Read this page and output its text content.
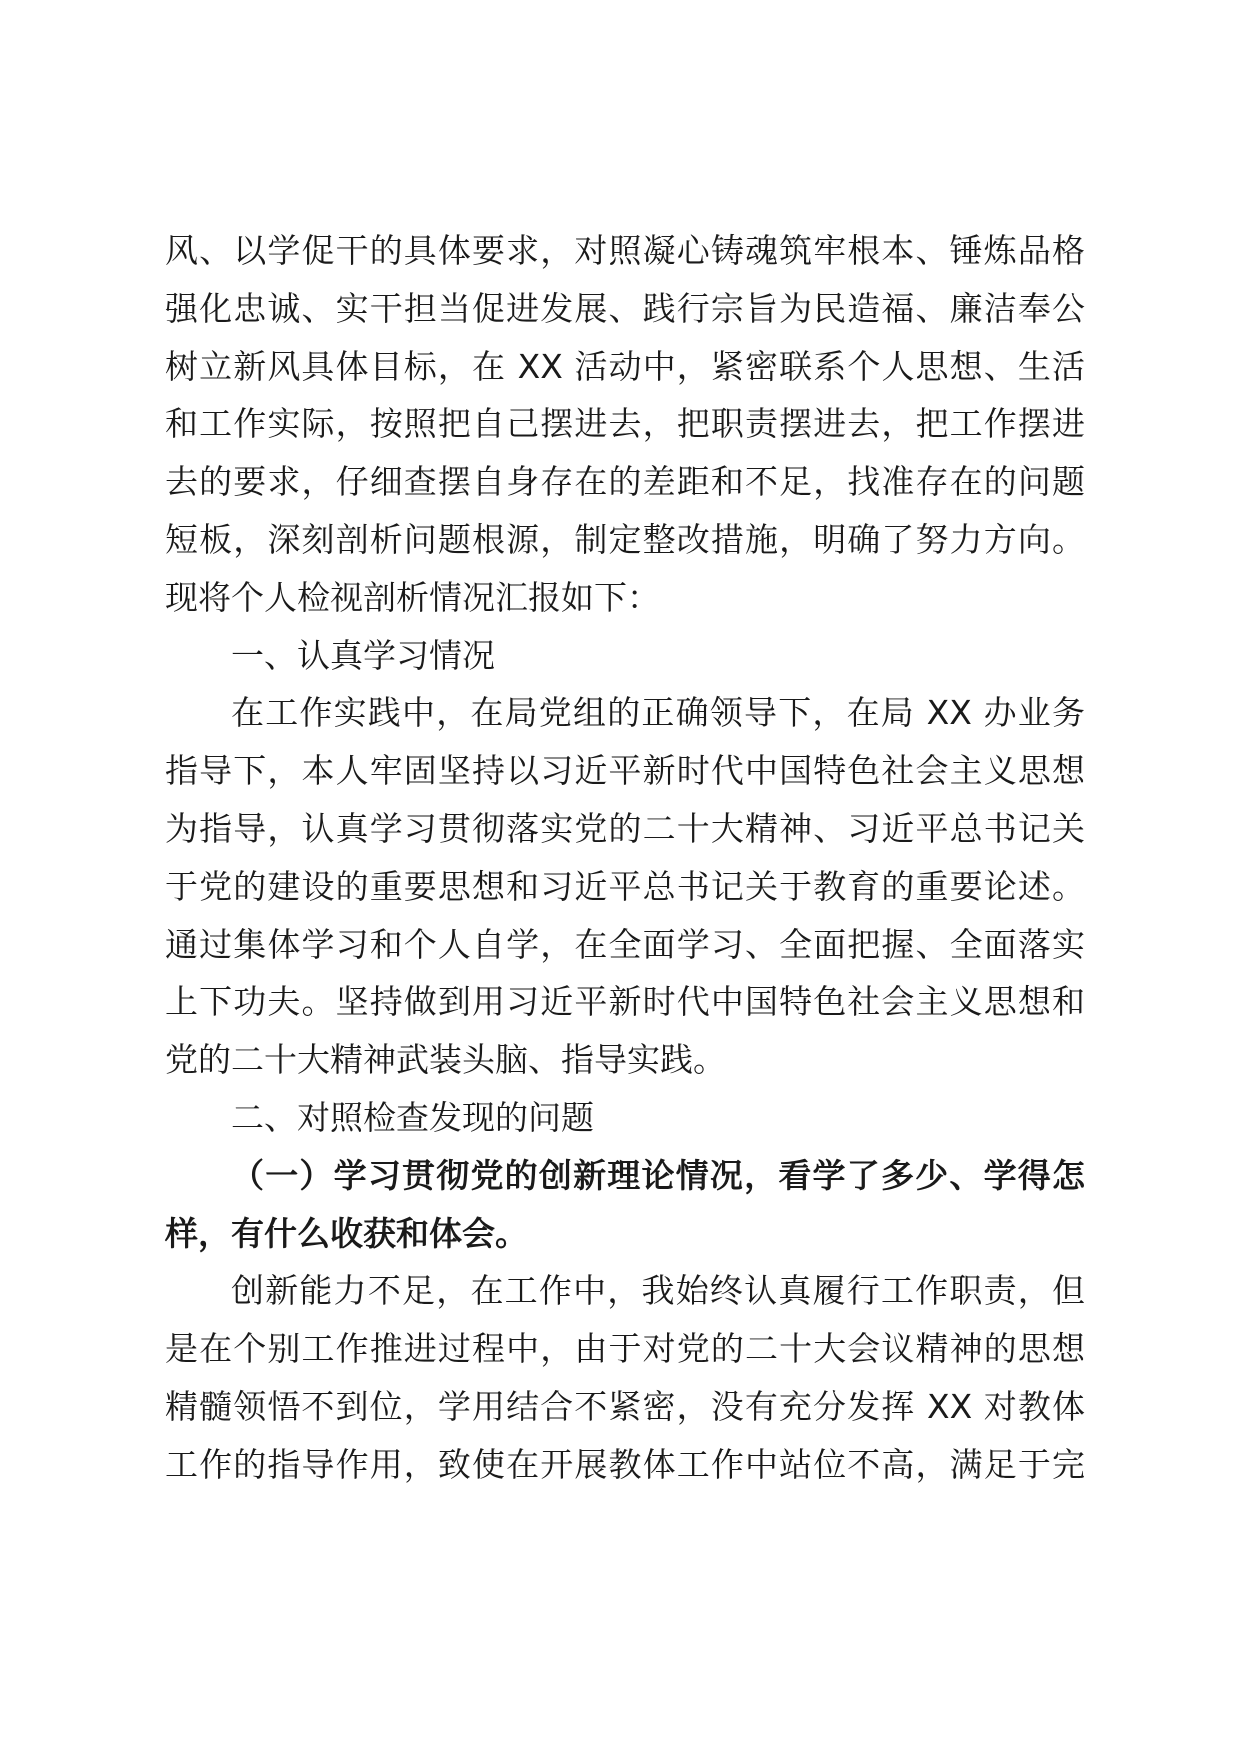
风、以学促干的具体要求，对照凝心铸魂筑牢根本、锤炼品格
强化忠诚、实干担当促进发展、践行宗旨为民造福、廉洁奉公
树立新风具体目标，在 XX 活动中，紧密联系个人思想、生活
和工作实际，按照把自己摆进去，把职责摆进去，把工作摆进
去的要求，仔细查摆自身存在的差距和不足，找准存在的问题
短板，深刻剖析问题根源，制定整改措施，明确了努力方向。
现将个人检视剖析情况汇报如下：
一、认真学习情况
在工作实践中，在局党组的正确领导下，在局 XX 办业务
指导下，本人牢固坚持以习近平新时代中国特色社会主义思想
为指导，认真学习贯彻落实党的二十大精神、习近平总书记关
于党的建设的重要思想和习近平总书记关于教育的重要论述。
通过集体学习和个人自学，在全面学习、全面把握、全面落实
上下功夫。坚持做到用习近平新时代中国特色社会主义思想和
党的二十大精神武装头脑、指导实践。
二、对照检查发现的问题
（一）学习贯彻党的创新理论情况，看学了多少、学得怎
样，有什么收获和体会。
创新能力不足，在工作中，我始终认真履行工作职责，但
是在个别工作推进过程中，由于对党的二十大会议精神的思想
精髓领悟不到位，学用结合不紧密，没有充分发挥 XX 对教体
工作的指导作用，致使在开展教体工作中站位不高，满足于完
